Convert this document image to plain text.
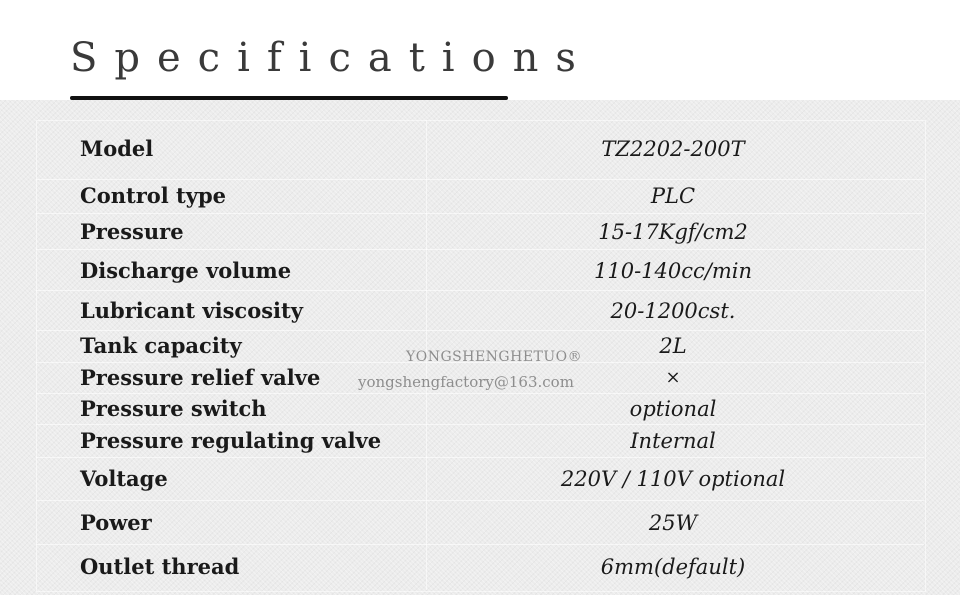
Specifications
Model	TZ2202-200T
Control type	PLC
Pressure	15-17Kgf/cm2
Discharge volume	110-140cc/min
Lubricant viscosity	20-1200cst.
Tank capacity	2L
Pressure relief valve	×
Pressure switch	optional
Pressure regulating valve	Internal
Voltage	220V / 110V optional
Power	25W
Outlet thread	6mm(default)
YONGSHENGHETUO®
yongshengfactory@163.com
